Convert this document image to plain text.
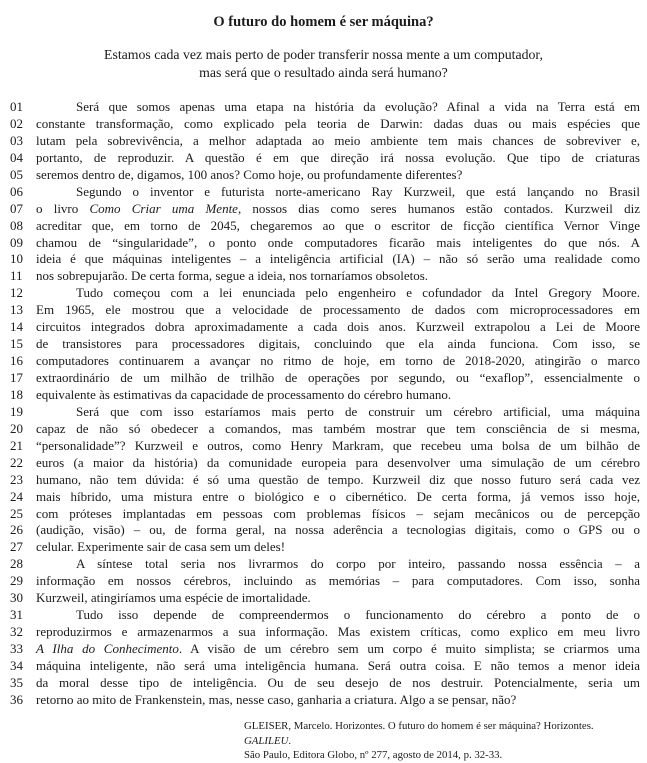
O futuro do homem é ser máquina?
Estamos cada vez mais perto de poder transferir nossa mente a um computador,
mas será que o resultado ainda será humano?
01	Será que somos apenas uma etapa na história da evolução? Afinal a vida na Terra está em
02	constante transformação, como explicado pela teoria de Darwin: dadas duas ou mais espécies que
03	lutam pela sobrevivência, a melhor adaptada ao meio ambiente tem mais chances de sobreviver e,
04	portanto, de reproduzir. A questão é em que direção irá nossa evolução. Que tipo de criaturas
05	seremos dentro de, digamos, 100 anos? Como hoje, ou profundamente diferentes?
06	Segundo o inventor e futurista norte-americano Ray Kurzweil, que está lançando no Brasil
07	o livro Como Criar uma Mente, nossos dias como seres humanos estão contados. Kurzweil diz
08	acreditar que, em torno de 2045, chegaremos ao que o escritor de ficção científica Vernor Vinge
09	chamou de “singularidade”, o ponto onde computadores ficarão mais inteligentes do que nós. A
10	ideia é que máquinas inteligentes – a inteligência artificial (IA) – não só serão uma realidade como
11	nos sobrepujarão. De certa forma, segue a ideia, nos tornaríamos obsoletos.
12	Tudo começou com a lei enunciada pelo engenheiro e cofundador da Intel Gregory Moore.
13	Em 1965, ele mostrou que a velocidade de processamento de dados com microprocessadores em
14	circuitos integrados dobra aproximadamente a cada dois anos. Kurzweil extrapolou a Lei de Moore
15	de transistores para processadores digitais, concluindo que ela ainda funciona. Com isso, se
16	computadores continuarem a avançar no ritmo de hoje, em torno de 2018-2020, atingirão o marco
17	extraordinário de um milhão de trilhão de operações por segundo, ou “exaflop”, essencialmente o
18	equivalente às estimativas da capacidade de processamento do cérebro humano.
19	Será que com isso estaríamos mais perto de construir um cérebro artificial, uma máquina
20	capaz de não só obedecer a comandos, mas também mostrar que tem consciência de si mesma,
21	“personalidade”? Kurzweil e outros, como Henry Markram, que recebeu uma bolsa de um bilhão de
22	euros (a maior da história) da comunidade europeia para desenvolver uma simulação de um cérebro
23	humano, não tem dúvida: é só uma questão de tempo. Kurzweil diz que nosso futuro será cada vez
24	mais híbrido, uma mistura entre o biológico e o cibernético. De certa forma, já vemos isso hoje,
25	com próteses implantadas em pessoas com problemas físicos – sejam mecânicos ou de percepção
26	(audição, visão) – ou, de forma geral, na nossa aderência a tecnologias digitais, como o GPS ou o
27	celular. Experimente sair de casa sem um deles!
28	A síntese total seria nos livrarmos do corpo por inteiro, passando nossa essência – a
29	informação em nossos cérebros, incluindo as memórias – para computadores. Com isso, sonha
30	Kurzweil, atingiríamos uma espécie de imortalidade.
31	Tudo isso depende de compreendermos o funcionamento do cérebro a ponto de o
32	reproduzirmos e armazenarmos a sua informação. Mas existem críticas, como explico em meu livro
33	A Ilha do Conhecimento. A visão de um cérebro sem um corpo é muito simplista; se criarmos uma
34	máquina inteligente, não será uma inteligência humana. Será outra coisa. E não temos a menor ideia
35	da moral desse tipo de inteligência. Ou de seu desejo de nos destruir. Potencialmente, seria um
36	retorno ao mito de Frankenstein, mas, nesse caso, ganharia a criatura. Algo a se pensar, não?
GLEISER, Marcelo. Horizontes. O futuro do homem é ser máquina? Horizontes. GALILEU.
São Paulo, Editora Globo, nº 277, agosto de 2014, p. 32-33.
